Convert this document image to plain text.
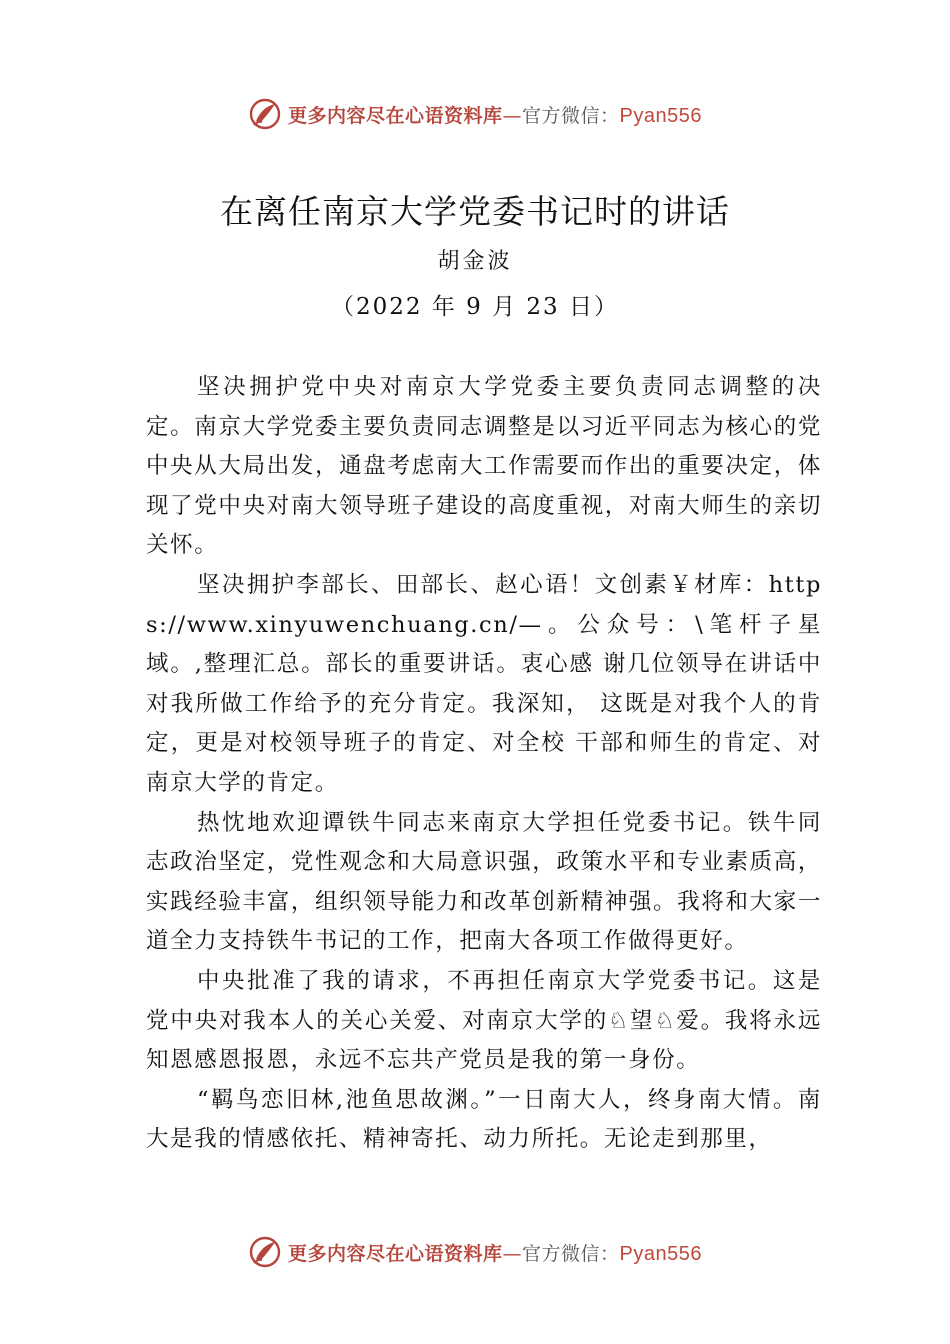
更多内容尽在心语资料库—官方微信：Pyan556
在离任南京大学党委书记时的讲话
胡金波
（2022 年 9 月 23 日）

坚决拥护党中央对南京大学党委主要负责同志调整的决定。南京大学党委主要负责同志调整是以习近平同志为核心的党中央从大局出发，通盘考虑南大工作需要而作出的重要决定，体现了党中央对南大领导班子建设的高度重视，对南大师生的亲切关怀。

坚决拥护李部长、田部长、赵心语！文创素￥材库：https://www.xinyuwenchuang.cn/—。公众号：\笔杆子星域。,整理汇总。部长的重要讲话。衷心感 谢几位领导在讲话中对我所做工作给予的充分肯定。我深知， 这既是对我个人的肯定，更是对校领导班子的肯定、对全校 干部和师生的肯定、对南京大学的肯定。

热忱地欢迎谭铁牛同志来南京大学担任党委书记。铁牛同志政治坚定，党性观念和大局意识强，政策水平和专业素质高，实践经验丰富，组织领导能力和改革创新精神强。我将和大家一道全力支持铁牛书记的工作，把南大各项工作做得更好。

中央批准了我的请求，不再担任南京大学党委书记。这是党中央对我本人的关心关爱、对南京大学的♘望♘爱。我将永远知恩感恩报恩，永远不忘共产党员是我的第一身份。

“羁鸟恋旧林,池鱼思故渊。”一日南大人，终身南大情。南大是我的情感依托、精神寄托、动力所托。无论走到那里，

更多内容尽在心语资料库—官方微信：Pyan556
